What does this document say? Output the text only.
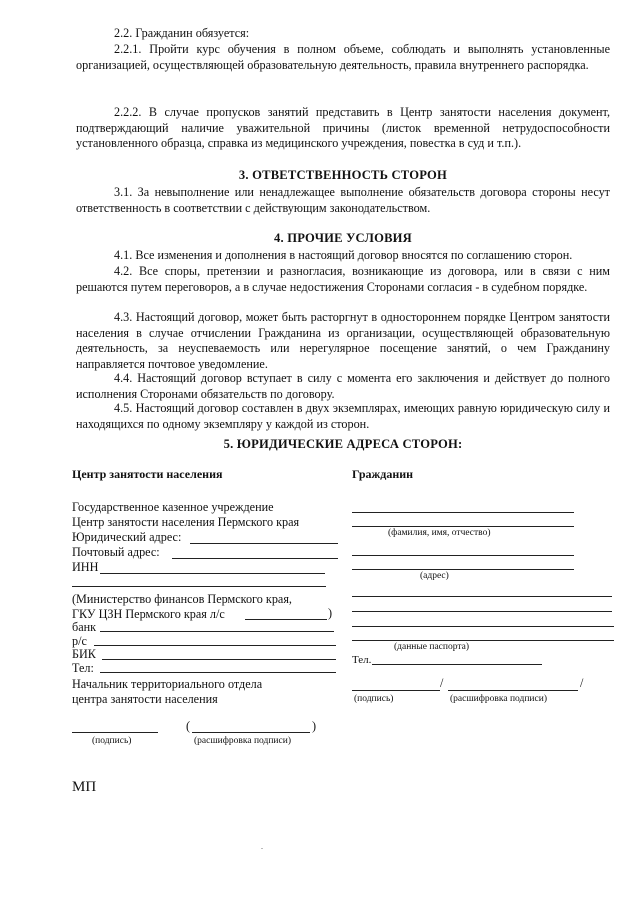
2.2. Гражданин обязуется:

2.2.1. Пройти курс обучения в полном объеме, соблюдать и выполнять установленные организацией, осуществляющей образовательную деятельность, правила внутреннего распорядка.

2.2.2. В случае пропусков занятий представить в Центр занятости населения документ, подтверждающий наличие уважительной причины (листок временной нетрудоспособности установленного образца, справка из медицинского учреждения, повестка в суд и т.п.).

3. ОТВЕТСТВЕННОСТЬ СТОРОН

3.1. За невыполнение или ненадлежащее выполнение обязательств договора стороны несут ответственность в соответствии с действующим законодательством.

4. ПРОЧИЕ УСЛОВИЯ

4.1. Все изменения и дополнения в настоящий договор вносятся по соглашению сторон.

4.2. Все споры, претензии и разногласия, возникающие из договора, или в связи с ним решаются путем переговоров, а в случае недостижения Сторонами согласия - в судебном порядке.

4.3. Настоящий договор, может быть расторгнут в одностороннем порядке Центром занятости населения в случае отчислении Гражданина из организации, осуществляющей образовательную деятельность, за неуспеваемость или нерегулярное посещение занятий, о чем Гражданину направляется почтовое уведомление.

4.4. Настоящий договор вступает в силу с момента его заключения и действует до полного исполнения Сторонами обязательств по договору.

4.5. Настоящий договор составлен в двух экземплярах, имеющих равную юридическую силу и находящихся по одному экземпляру у каждой из сторон.

5. ЮРИДИЧЕСКИЕ АДРЕСА СТОРОН:
Центр занятости населения
Государственное казенное учреждение
Центр занятости населения Пермского края
Юридический адрес:
Почтовый адрес:
ИНН
(Министерство финансов Пермского края,
ГКУ ЦЗН Пермского края л/с	)
банк
р/с
БИК
Тел:
Начальник территориального отдела
центра занятости населения
(	)
(подпись)	(расшифровка подписи)
Гражданин
(фамилия, имя, отчество)
(адрес)
(данные паспорта)
Тел.
/	/
(подпись)	(расшифровка подписи)
МП
